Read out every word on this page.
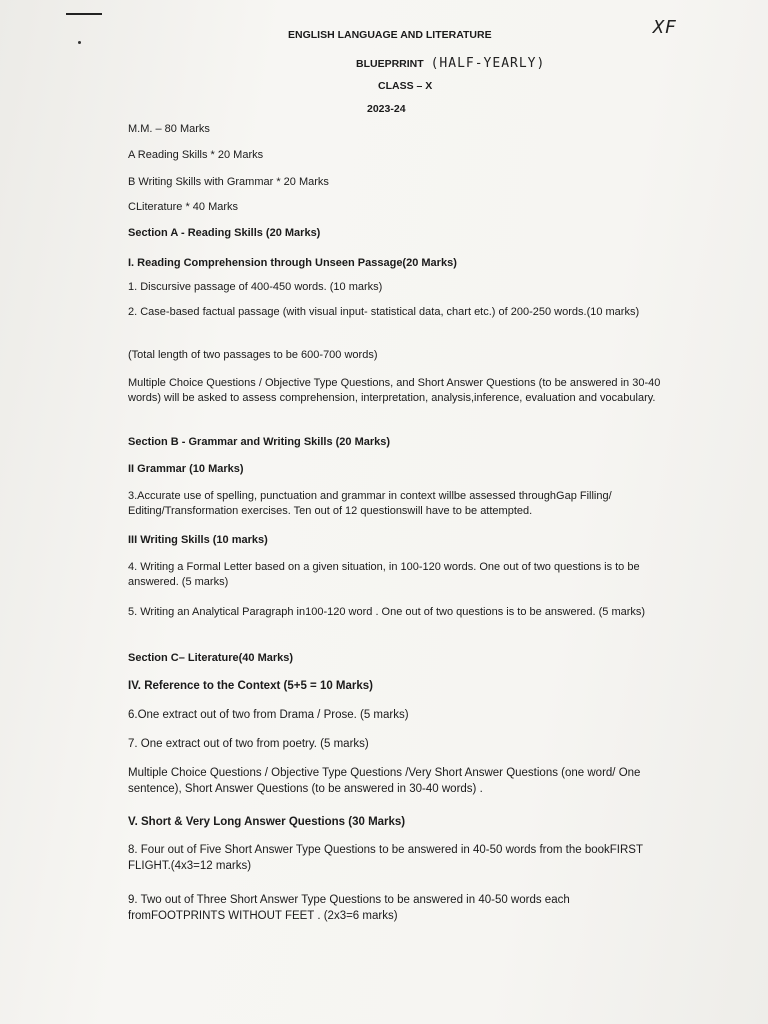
XF
ENGLISH LANGUAGE AND LITERATURE
BLUEPRRINT (HALF-YEARLY)
CLASS – X
2023-24
M.M. – 80 Marks
A Reading Skills * 20 Marks
B Writing Skills with Grammar * 20 Marks
CLiterature * 40 Marks
Section A - Reading Skills (20 Marks)
I. Reading Comprehension through Unseen Passage(20 Marks)
1. Discursive passage of 400-450 words. (10 marks)
2. Case-based factual passage (with visual input- statistical data, chart etc.) of 200-250 words.(10 marks)
(Total length of two passages to be 600-700 words)
Multiple Choice Questions / Objective Type Questions, and Short Answer Questions (to be answered in 30-40 words) will be asked to assess comprehension, interpretation, analysis,inference, evaluation and vocabulary.
Section B - Grammar and Writing Skills (20 Marks)
II Grammar (10 Marks)
3.Accurate use of spelling, punctuation and grammar in context willbe assessed throughGap Filling/ Editing/Transformation exercises. Ten out of 12 questionswill have to be attempted.
III Writing Skills (10 marks)
4. Writing a Formal Letter based on a given situation, in 100-120 words. One out of two questions is to be answered. (5 marks)
5. Writing an Analytical Paragraph in100-120 word . One out of two questions is to be answered. (5 marks)
Section C– Literature(40 Marks)
IV. Reference to the Context (5+5 = 10 Marks)
6.One extract out of two from Drama / Prose. (5 marks)
7. One extract out of two from poetry. (5 marks)
Multiple Choice Questions / Objective Type Questions /Very Short Answer Questions (one word/ One sentence), Short Answer Questions (to be answered in 30-40 words) .
V. Short & Very Long Answer Questions (30 Marks)
8. Four out of Five Short Answer Type Questions to be answered in 40-50 words from the bookFIRST FLIGHT.(4x3=12 marks)
9. Two out of Three Short Answer Type Questions to be answered in 40-50 words each fromFOOTPRINTS WITHOUT FEET . (2x3=6 marks)
